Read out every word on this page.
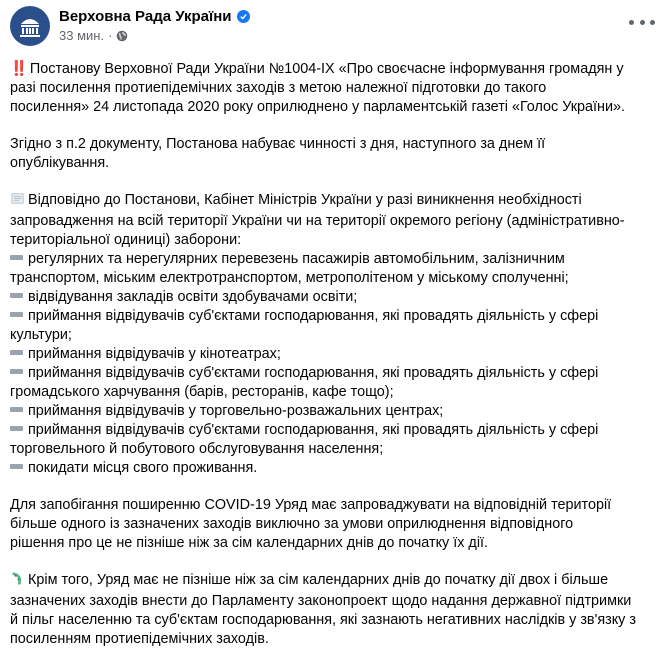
Верховна Рада України
33 мин. ·
‼️ Постанову Верховної Ради України №1004-IX «Про своєчасне інформування громадян у
разі посилення протиепідемічних заходів з метою належної підготовки до такого
посилення» 24 листопада 2020 року оприлюднено у парламентській газеті «Голос України».
Згідно з п.2 документу, Постанова набуває чинності з дня, наступного за днем її
опублікування.
Відповідно до Постанови, Кабінет Міністрів України у разі виникнення необхідності
запровадження на всій території України чи на території окремого регіону (адміністративно-
територіальної одиниці) заборони:
регулярних та нерегулярних перевезень пасажирів автомобільним, залізничним
транспортом, міським електротранспортом, метрополітеном у міському сполученні;
відвідування закладів освіти здобувачами освіти;
приймання відвідувачів суб'єктами господарювання, які провадять діяльність у сфері
культури;
приймання відвідувачів у кінотеатрах;
приймання відвідувачів суб'єктами господарювання, які провадять діяльність у сфері
громадського харчування (барів, ресторанів, кафе тощо);
приймання відвідувачів у торговельно-розважальних центрах;
приймання відвідувачів суб'єктами господарювання, які провадять діяльність у сфері
торговельного й побутового обслуговування населення;
покидати місця свого проживання.
Для запобігання поширенню COVID-19 Уряд має запроваджувати на відповідній території
більше одного із зазначених заходів виключно за умови оприлюднення відповідного
рішення про це не пізніше ніж за сім календарних днів до початку їх дії.
Крім того, Уряд має не пізніше ніж за сім календарних днів до початку дії двох і більше
зазначених заходів внести до Парламенту законопроект щодо надання державної підтримки
й пільг населенню та суб'єктам господарювання, які зазнають негативних наслідків у зв'язку з
посиленням протиепідемічних заходів.
